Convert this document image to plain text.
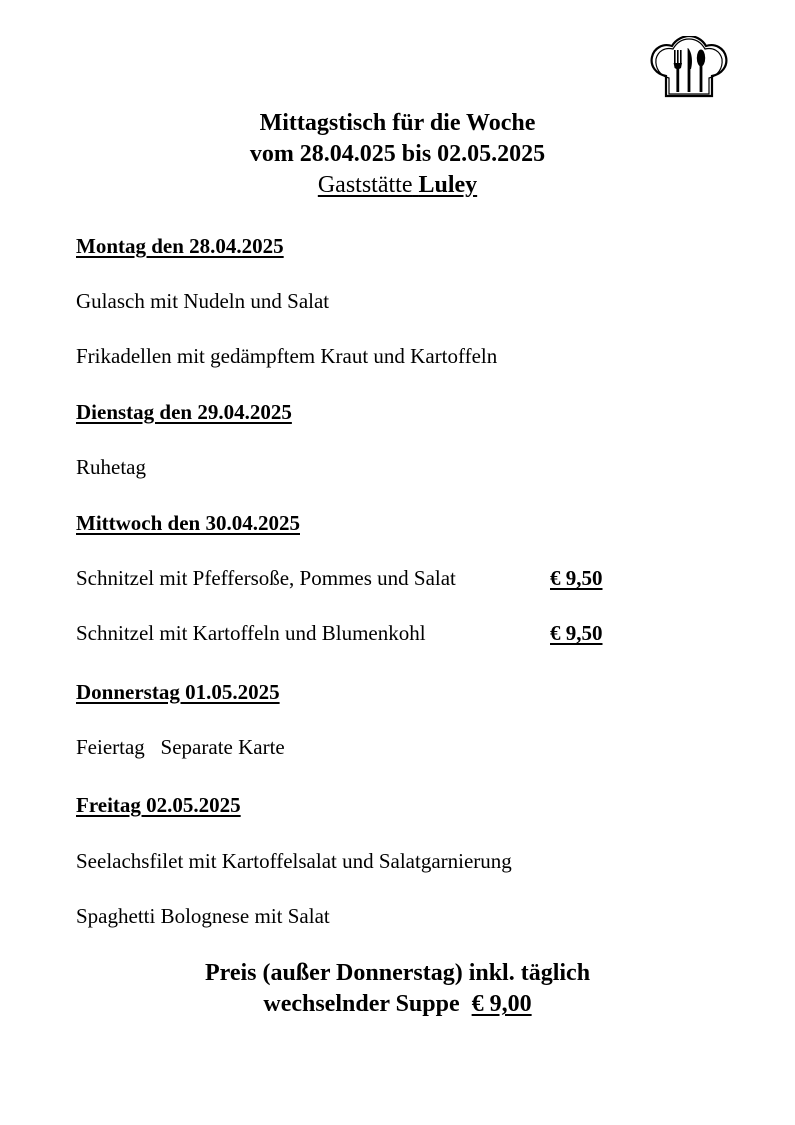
Mittagstisch für die Woche
vom 28.04.025 bis 02.05.2025
Gaststätte Luley
Montag den 28.04.2025
Gulasch mit Nudeln und Salat
Frikadellen mit gedämpftem Kraut und Kartoffeln
Dienstag den 29.04.2025
Ruhetag
Mittwoch den 30.04.2025
Schnitzel mit Pfeffersoße, Pommes und Salat	€ 9,50
Schnitzel mit Kartoffeln und Blumenkohl	€ 9,50
Donnerstag 01.05.2025
Feiertag   Separate Karte
Freitag 02.05.2025
Seelachsfilet mit Kartoffelsalat und Salatgarnierung
Spaghetti Bolognese mit Salat
Preis (außer Donnerstag) inkl. täglich
wechselnder Suppe € 9,00
